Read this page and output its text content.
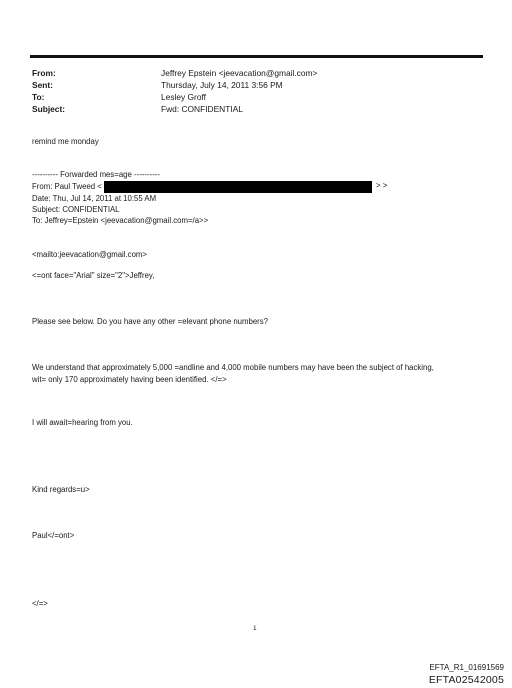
From:	Jeffrey Epstein <jeevacation@gmail.com>
Sent:	Thursday, July 14, 2011 3:56 PM
To:	Lesley Groff
Subject:	Fwd: CONFIDENTIAL
remind me monday
---------- Forwarded mes=age ----------
From: Paul Tweed <	> >
Date: Thu, Jul 14, 2011 at 10:55 AM
Subject: CONFIDENTIAL
To: Jeffrey=Epstein <jeevacation@gmail.com=/a>>
<mailto:jeevacation@gmail.com>
<=ont face="Arial" size="2">Jeffrey,
Please see below. Do you have any other =elevant phone numbers?
We understand that approximately 5,000 =andline and 4,000 mobile numbers may have been the subject of hacking,
wit= only 170 approximately having been identified. </=>
I will await=hearing from you.
Kind regards=u>
Paul</=ont>
</=>
1
EFTA_R1_01691569
EFTA02542005
